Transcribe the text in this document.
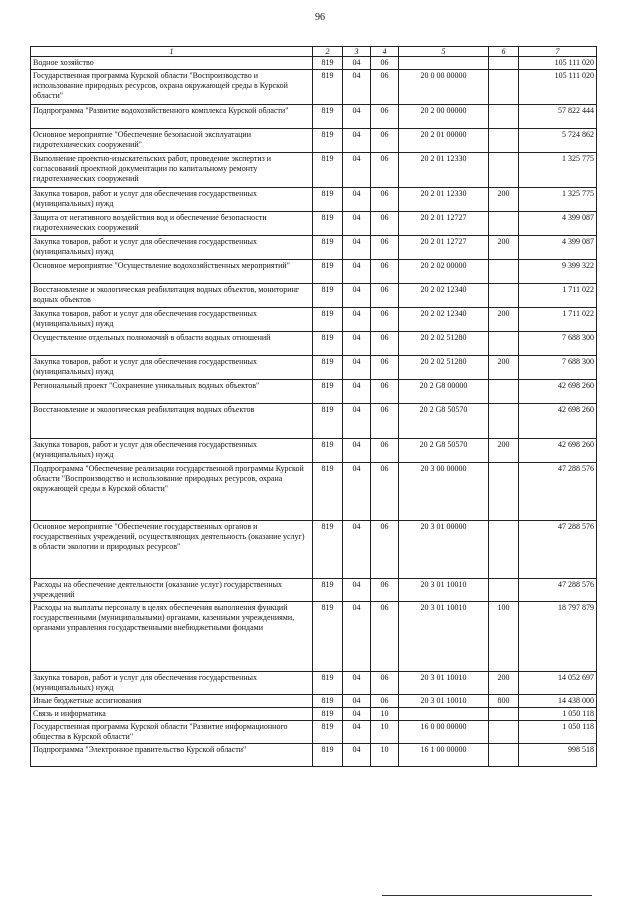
96
1	2	3	4	5	6	7
Водное хозяйство	819	04	06			105 111 020
Государственная программа Курской области "Воспроизводство и использование природных ресурсов, охрана окружающей среды в Курской области"	819	04	06	20 0 00 00000		105 111 020
Подпрограмма "Развитие водохозяйственного комплекса Курской области"	819	04	06	20 2 00 00000		57 822 444
Основное мероприятие "Обеспечение безопасной эксплуатации гидротехнических сооружений"	819	04	06	20 2 01 00000		5 724 862
Выполнение проектно-изыскательских работ, проведение экспертиз и согласований проектной документации по капитальному ремонту гидротехнических сооружений	819	04	06	20 2 01 12330		1 325 775
Закупка товаров, работ и услуг для обеспечения государственных (муниципальных) нужд	819	04	06	20 2 01 12330	200	1 325 775
Защита от негативного воздействия вод и обеспечение безопасности гидротехнических сооружений	819	04	06	20 2 01 12727		4 399 087
Закупка товаров, работ и услуг для обеспечения государственных (муниципальных) нужд	819	04	06	20 2 01 12727	200	4 399 087
Основное мероприятие "Осуществление водохозяйственных мероприятий"	819	04	06	20 2 02 00000		9 399 322
Восстановление и экологическая реабилитация водных объектов, мониторинг водных объектов	819	04	06	20 2 02 12340		1 711 022
Закупка товаров, работ и услуг для обеспечения государственных (муниципальных) нужд	819	04	06	20 2 02 12340	200	1 711 022
Осуществление отдельных полномочий в области водных отношений	819	04	06	20 2 02 51280		7 688 300
Закупка товаров, работ и услуг для обеспечения государственных (муниципальных) нужд	819	04	06	20 2 02 51280	200	7 688 300
Региональный проект "Сохранение уникальных водных объектов"	819	04	06	20 2 G8 00000		42 698 260
Восстановление и экологическая реабилитация водных объектов	819	04	06	20 2 G8 50570		42 698 260
Закупка товаров, работ и услуг для обеспечения государственных (муниципальных) нужд	819	04	06	20 2 G8 50570	200	42 698 260
Подпрограмма "Обеспечение реализации государственной программы Курской области "Воспроизводство и использование природных ресурсов, охрана окружающей среды в Курской области"	819	04	06	20 3 00 00000		47 288 576
Основное мероприятие "Обеспечение государственных органов и государственных учреждений, осуществляющих деятельность (оказание услуг) в области экологии и природных ресурсов"	819	04	06	20 3 01 00000		47 288 576
Расходы на обеспечение деятельности (оказание услуг) государственных учреждений	819	04	06	20 3 01 10010		47 288 576
Расходы на выплаты персоналу в целях обеспечения выполнения функций государственными (муниципальными) органами, казенными учреждениями, органами управления государственными внебюджетными фондами	819	04	06	20 3 01 10010	100	18 797 879
Закупка товаров, работ и услуг для обеспечения государственных (муниципальных) нужд	819	04	06	20 3 01 10010	200	14 052 697
Иные бюджетные ассигнования	819	04	06	20 3 01 10010	800	14 438 000
Связь и информатика	819	04	10			1 050 118
Государственная программа Курской области "Развитие информационного общества в Курской области"	819	04	10	16 0 00 00000		1 050 118
Подпрограмма "Электронное правительство Курской области"	819	04	10	16 1 00 00000		998 518
